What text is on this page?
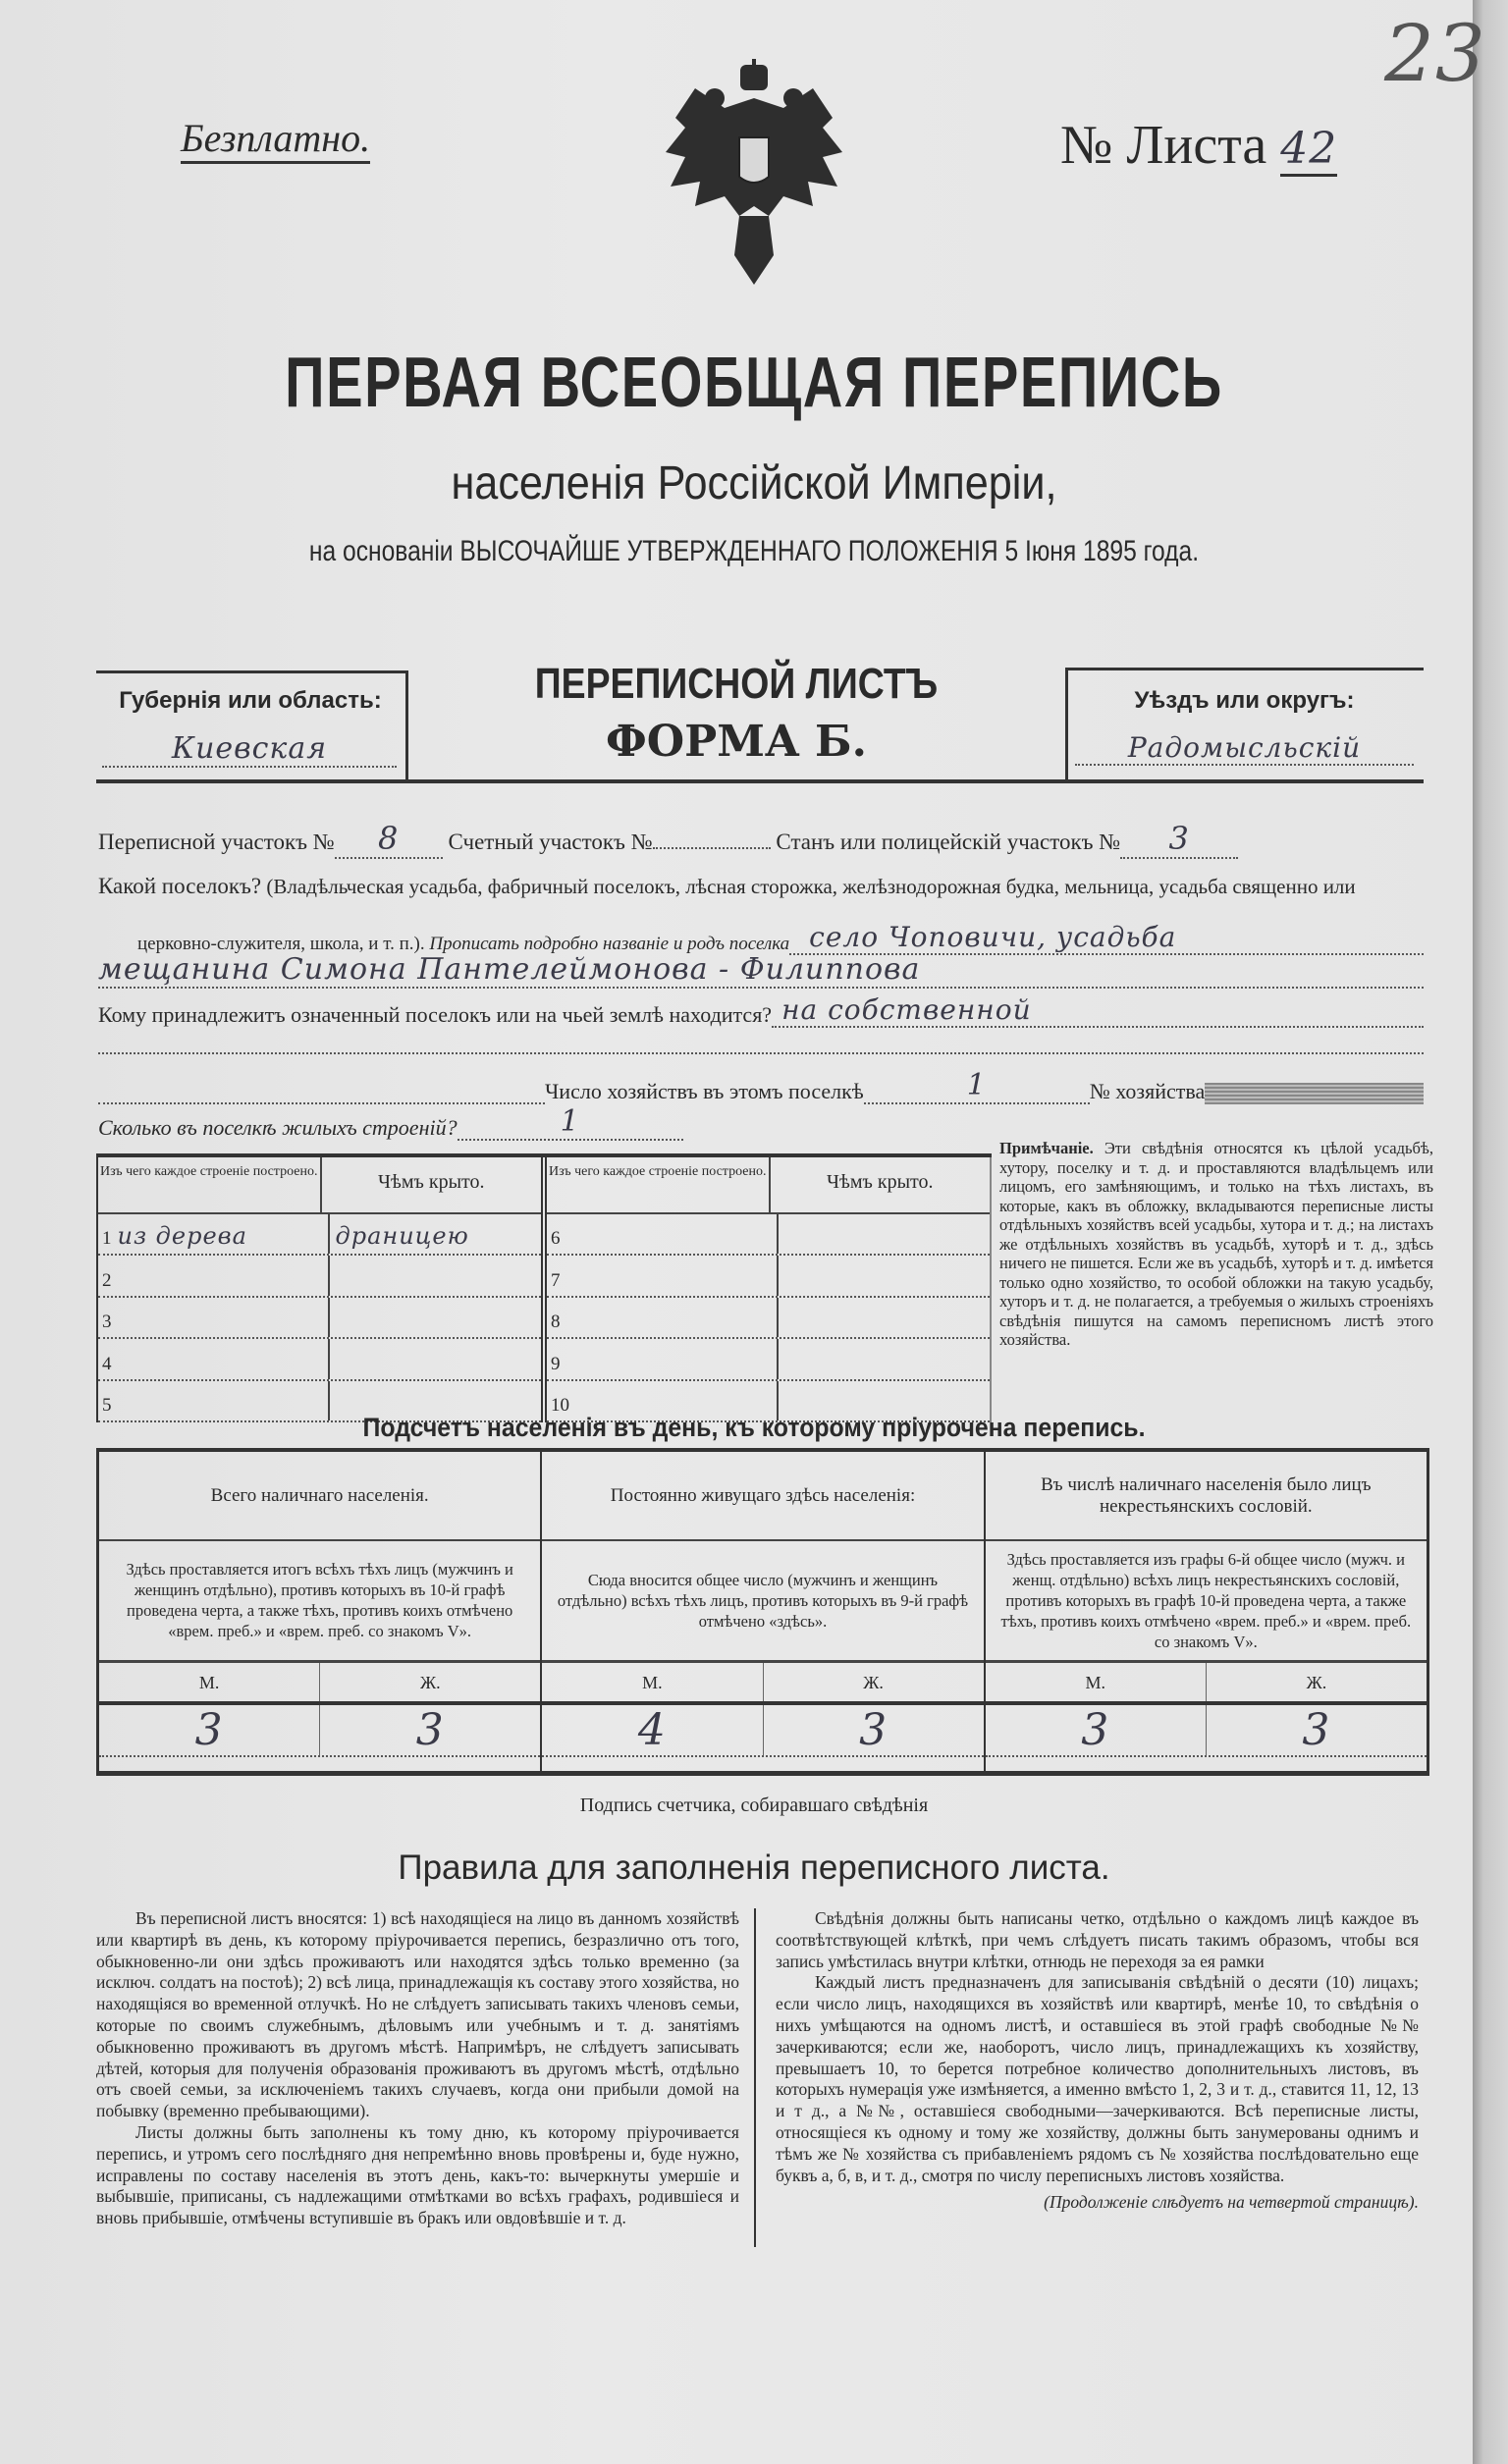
Безплатно.	№ Листа 42
23
ПЕРВАЯ ВСЕОБЩАЯ ПЕРЕПИСЬ
населенія Россійской Имперіи,
на основаніи ВЫСОЧАЙШЕ УТВЕРЖДЕННАГО ПОЛОЖЕНІЯ 5 Іюня 1895 года.
Губернія или область:
Киевская
ПЕРЕПИСНОЙ ЛИСТЪ
ФОРМА Б.
Уѣздъ или округъ:
Радомысльскій
Переписной участокъ № 8 Счетный участокъ №	Станъ или полицейскій участокъ № 3
Какой поселокъ? (Владѣльческая усадьба, фабричный поселокъ, лѣсная сторожка, желѣзнодорожная будка, мельница, усадьба священно или
церковно-служителя, школа, и т. п.).
Прописать подробно названіе и родъ поселка село Чоповичи, усадьба
мещанина Симона Пантелеймонова - Филиппова
Кому принадлежитъ означенный поселокъ или на чьей землѣ находится? на собственной
Число хозяйствъ въ этомъ поселкѣ	1	№ хозяйства
Сколько въ поселкѣ жилыхъ строеній?	1
Изъ чего каждое строеніе построено.	Чѣмъ крыто.
1 из дерева	драницею
2
3
4
5
Изъ чего каждое строеніе построено.	Чѣмъ крыто.
6
7
8
9
10
Примѣчаніе. Эти свѣдѣнія относятся къ цѣлой усадьбѣ, хутору, поселку и т. д. и проставляются владѣльцемъ или лицомъ, его замѣняющимъ, и только на тѣхъ листахъ, въ которые, какъ въ обложку, вкладываются переписные листы отдѣльныхъ хозяйствъ всей усадьбы, хутора и т. д.; на листахъ же отдѣльныхъ хозяйствъ въ усадьбѣ, хуторѣ и т. д., здѣсь ничего не пишется. Если же въ усадьбѣ, хуторѣ и т. д. имѣется только одно хозяйство, то особой обложки на такую усадьбу, хуторъ и т. д. не полагается, а требуемыя о жилыхъ строеніяхъ свѣдѣнія пишутся на самомъ переписномъ листѣ этого хозяйства.
Подсчетъ населенія въ день, къ которому пріурочена перепись.
Всего наличнаго населенія.
Здѣсь проставляется итогъ всѣхъ тѣхъ лицъ (мужчинъ и женщинъ отдѣльно), противъ которыхъ въ 10-й графѣ проведена черта, а также тѣхъ, противъ коихъ отмѣчено «врем. преб.» и «врем. преб. со знакомъ V».
М.	Ж.
3	3
Постоянно живущаго здѣсь населенія:
Сюда вносится общее число (мужчинъ и женщинъ отдѣльно) всѣхъ тѣхъ лицъ, противъ которыхъ въ 9-й графѣ отмѣчено «здѣсь».
М.	Ж.
4	3
Въ числѣ наличнаго населенія было лицъ некрестьянскихъ сословій.
Здѣсь проставляется изъ графы 6-й общее число (мужч. и женщ. отдѣльно) всѣхъ лицъ некрестьянскихъ сословій, противъ которыхъ въ графѣ 10-й проведена черта, а также тѣхъ, противъ коихъ отмѣчено «врем. преб.» и «врем. преб. со знакомъ V».
М.	Ж.
3	3
Подпись счетчика, собиравшаго свѣдѣнія
Правила для заполненія переписного листа.

Въ переписной листъ вносятся: 1) всѣ находящіеся на лицо въ данномъ хозяйствѣ или квартирѣ въ день, къ которому пріурочивается перепись, безразлично отъ того, обыкновенно-ли они здѣсь проживаютъ или находятся здѣсь только временно (за исключ. солдатъ на постоѣ); 2) всѣ лица, принадлежащія къ составу этого хозяйства, но находящіяся во временной отлучкѣ. Но не слѣдуетъ записывать такихъ членовъ семьи, которые по своимъ служебнымъ, дѣловымъ или учебнымъ и т. д. занятіямъ обыкновенно проживаютъ въ другомъ мѣстѣ. Напримѣръ, не слѣдуетъ записывать дѣтей, которыя для полученія образованія проживаютъ въ другомъ мѣстѣ, отдѣльно отъ своей семьи, за исключеніемъ такихъ случаевъ, когда они прибыли домой на побывку (временно пребывающими).

Листы должны быть заполнены къ тому дню, къ которому пріурочивается перепись, и утромъ сего послѣдняго дня непремѣнно вновь провѣрены и, буде нужно, исправлены по составу населенія въ этотъ день, какъ-то: вычеркнуты умершіе и выбывшіе, приписаны, съ надлежащими отмѣтками во всѣхъ графахъ, родившіеся и вновь прибывшіе, отмѣчены вступившіе въ бракъ или овдовѣвшіе и т. д.

Свѣдѣнія должны быть написаны четко, отдѣльно о каждомъ лицѣ каждое въ соотвѣтствующей клѣткѣ, при чемъ слѣдуетъ писать такимъ образомъ, чтобы вся запись умѣстилась внутри клѣтки, отнюдь не переходя за ея рамки

Каждый листъ предназначенъ для записыванія свѣдѣній о десяти (10) лицахъ; если число лицъ, находящихся въ хозяйствѣ или квартирѣ, менѣе 10, то свѣдѣнія о нихъ умѣщаются на одномъ листѣ, и оставшіеся въ этой графѣ свободные №№ зачеркиваются; если же, наоборотъ, число лицъ, принадлежащихъ къ хозяйству, превышаетъ 10, то берется потребное количество дополнительныхъ листовъ, въ которыхъ нумерація уже измѣняется, а именно вмѣсто 1, 2, 3 и т. д., ставится 11, 12, 13 и т д., а №№, оставшіеся свободными—зачеркиваются. Всѣ переписные листы, относящіеся къ одному и тому же хозяйству, должны быть занумерованы однимъ и тѣмъ же № хозяйства съ прибавленіемъ рядомъ съ № хозяйства послѣдовательно еще буквъ а, б, в, и т. д., смотря по числу переписныхъ листовъ хозяйства.

(Продолженіе слѣдуетъ на четвертой страницѣ).
